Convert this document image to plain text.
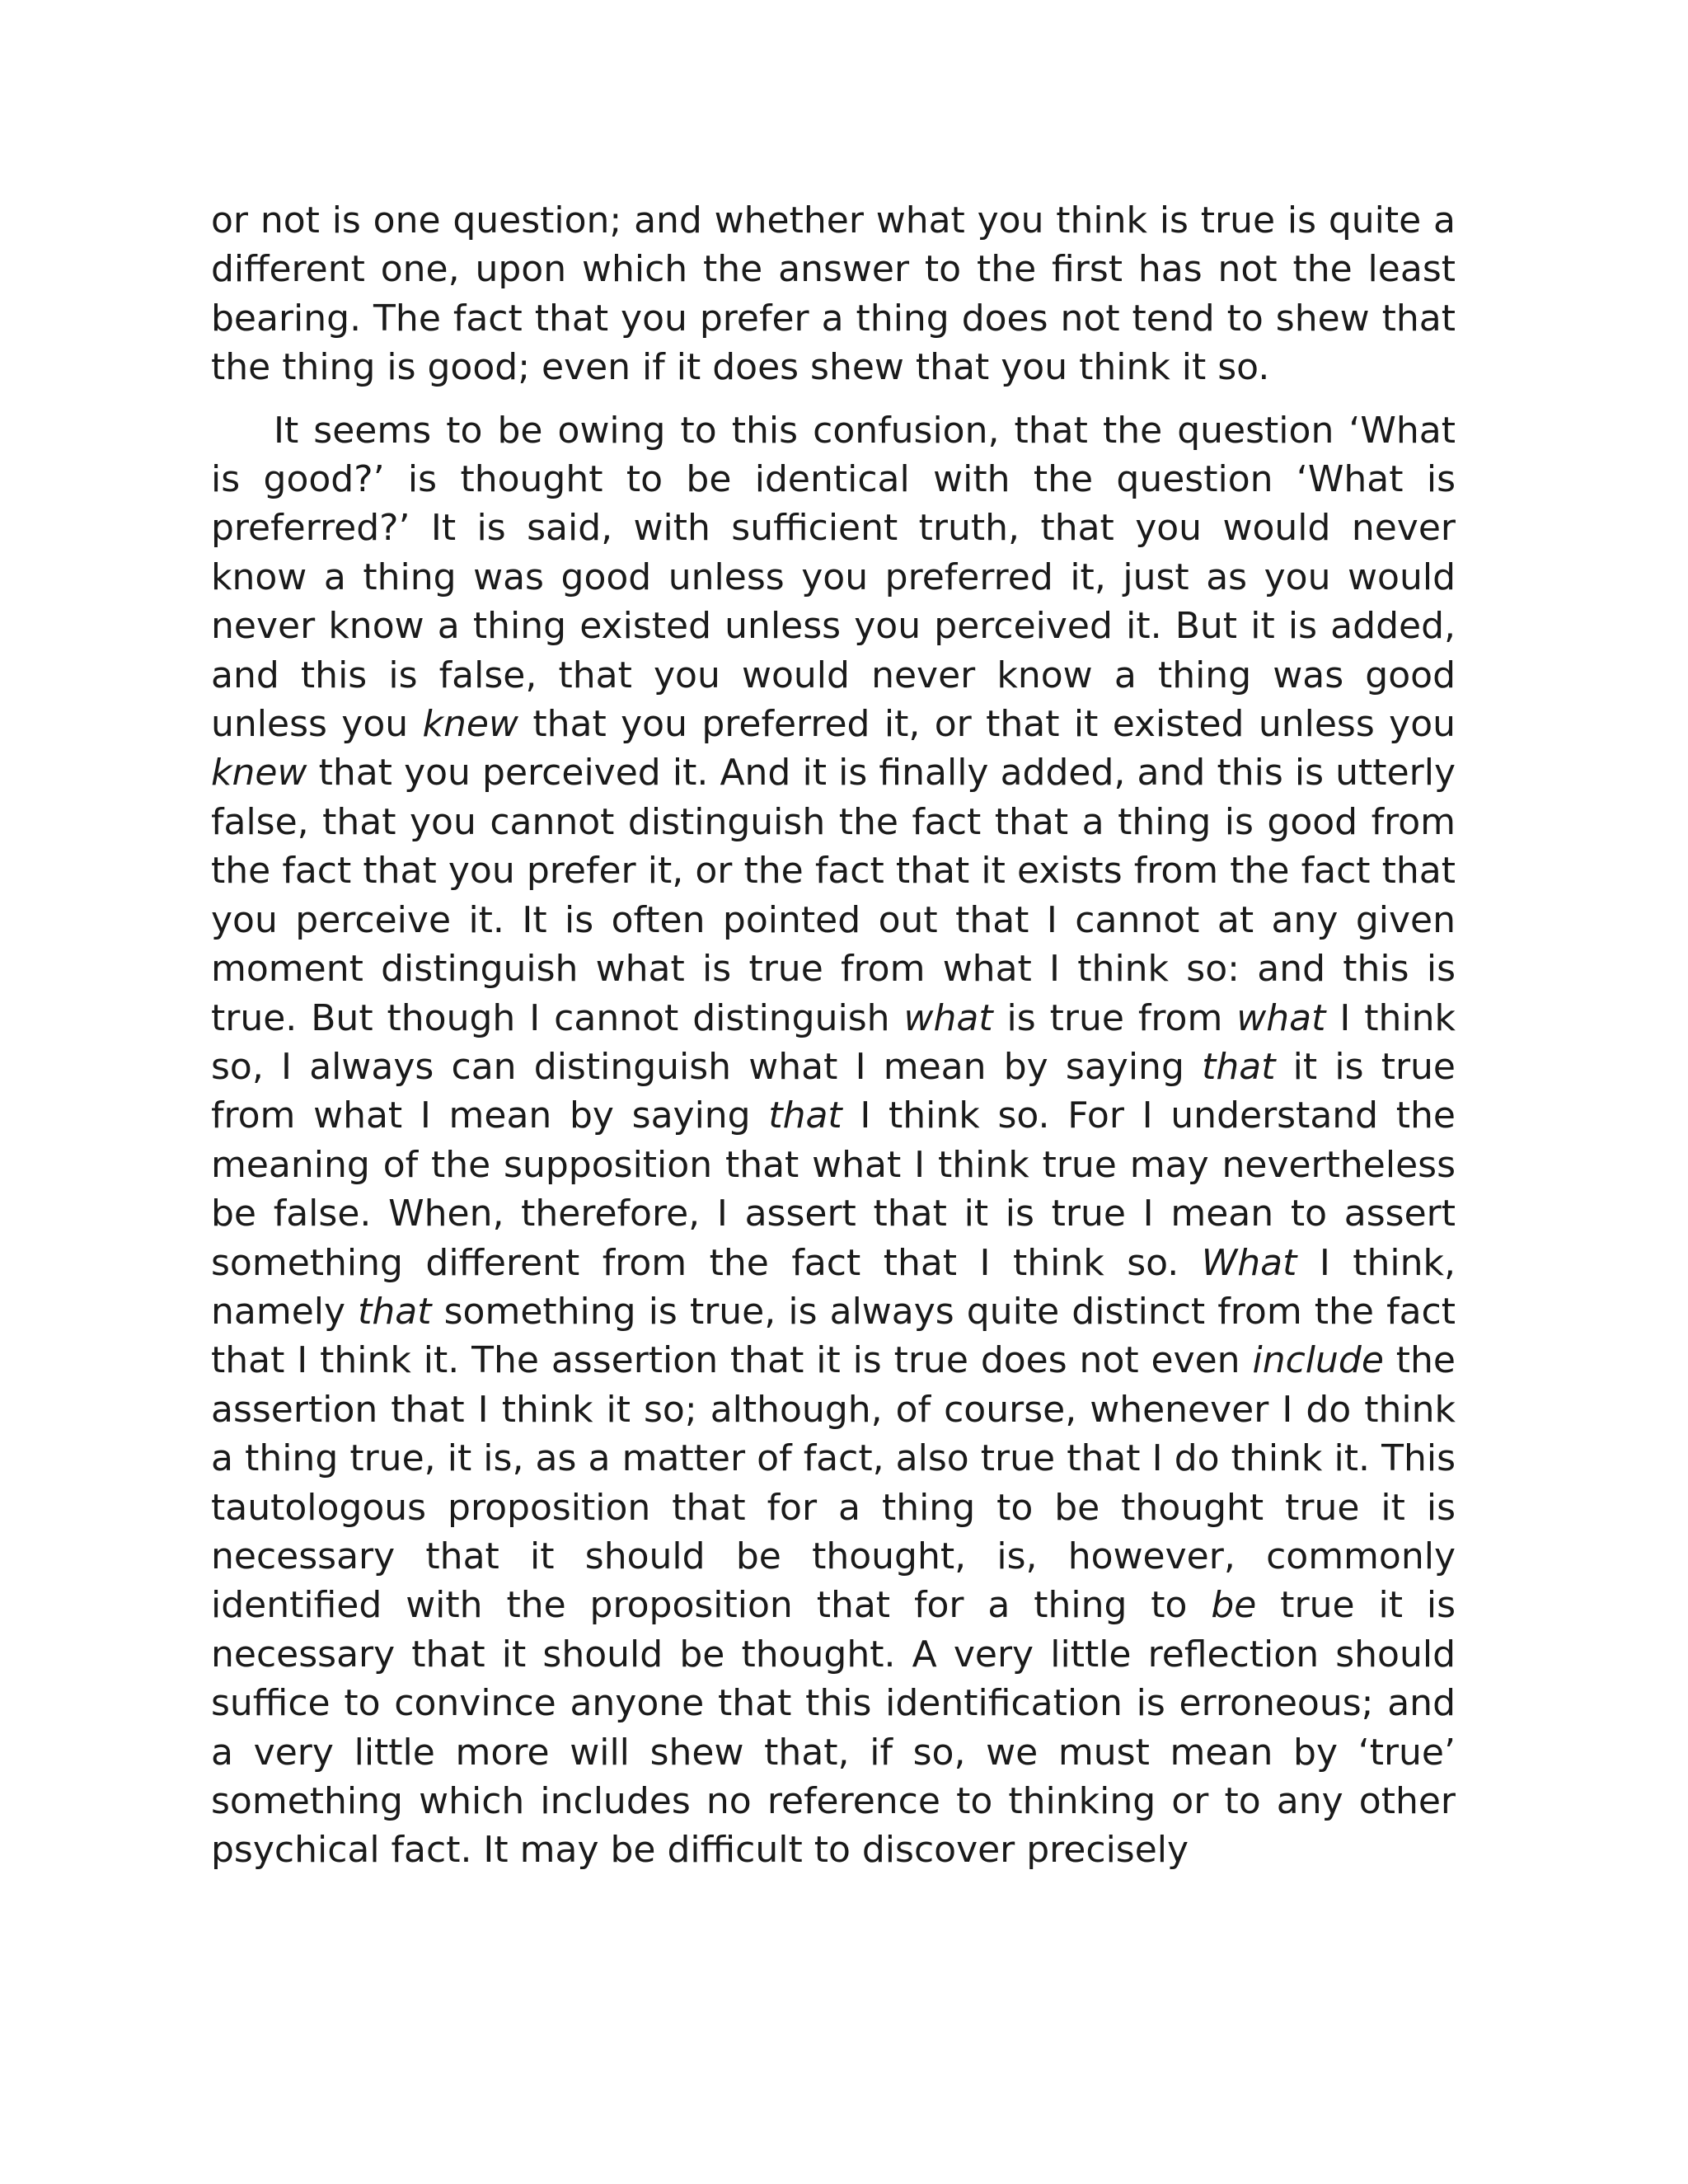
or not is one question; and whether what you think is true is quite a different one, upon which the answer to the first has not the least bearing. The fact that you prefer a thing does not tend to shew that the thing is good; even if it does shew that you think it so.

It seems to be owing to this confusion, that the question ‘What is good?’ is thought to be identical with the question ‘What is preferred?’ It is said, with sufficient truth, that you would never know a thing was good unless you preferred it, just as you would never know a thing existed unless you perceived it. But it is added, and this is false, that you would never know a thing was good unless you knew that you preferred it, or that it existed unless you knew that you perceived it. And it is finally added, and this is utterly false, that you cannot distinguish the fact that a thing is good from the fact that you prefer it, or the fact that it exists from the fact that you perceive it. It is often pointed out that I cannot at any given moment distinguish what is true from what I think so: and this is true. But though I cannot distinguish what is true from what I think so, I always can distinguish what I mean by saying that it is true from what I mean by saying that I think so. For I understand the meaning of the supposition that what I think true may nevertheless be false. When, therefore, I assert that it is true I mean to assert something different from the fact that I think so. What I think, namely that something is true, is always quite distinct from the fact that I think it. The assertion that it is true does not even include the assertion that I think it so; although, of course, whenever I do think a thing true, it is, as a matter of fact, also true that I do think it. This tautologous proposition that for a thing to be thought true it is necessary that it should be thought, is, however, commonly identified with the proposition that for a thing to be true it is necessary that it should be thought. A very little reflection should suffice to convince anyone that this identification is erroneous; and a very little more will shew that, if so, we must mean by ‘true’ something which includes no reference to thinking or to any other psychical fact. It may be difficult to discover precisely
